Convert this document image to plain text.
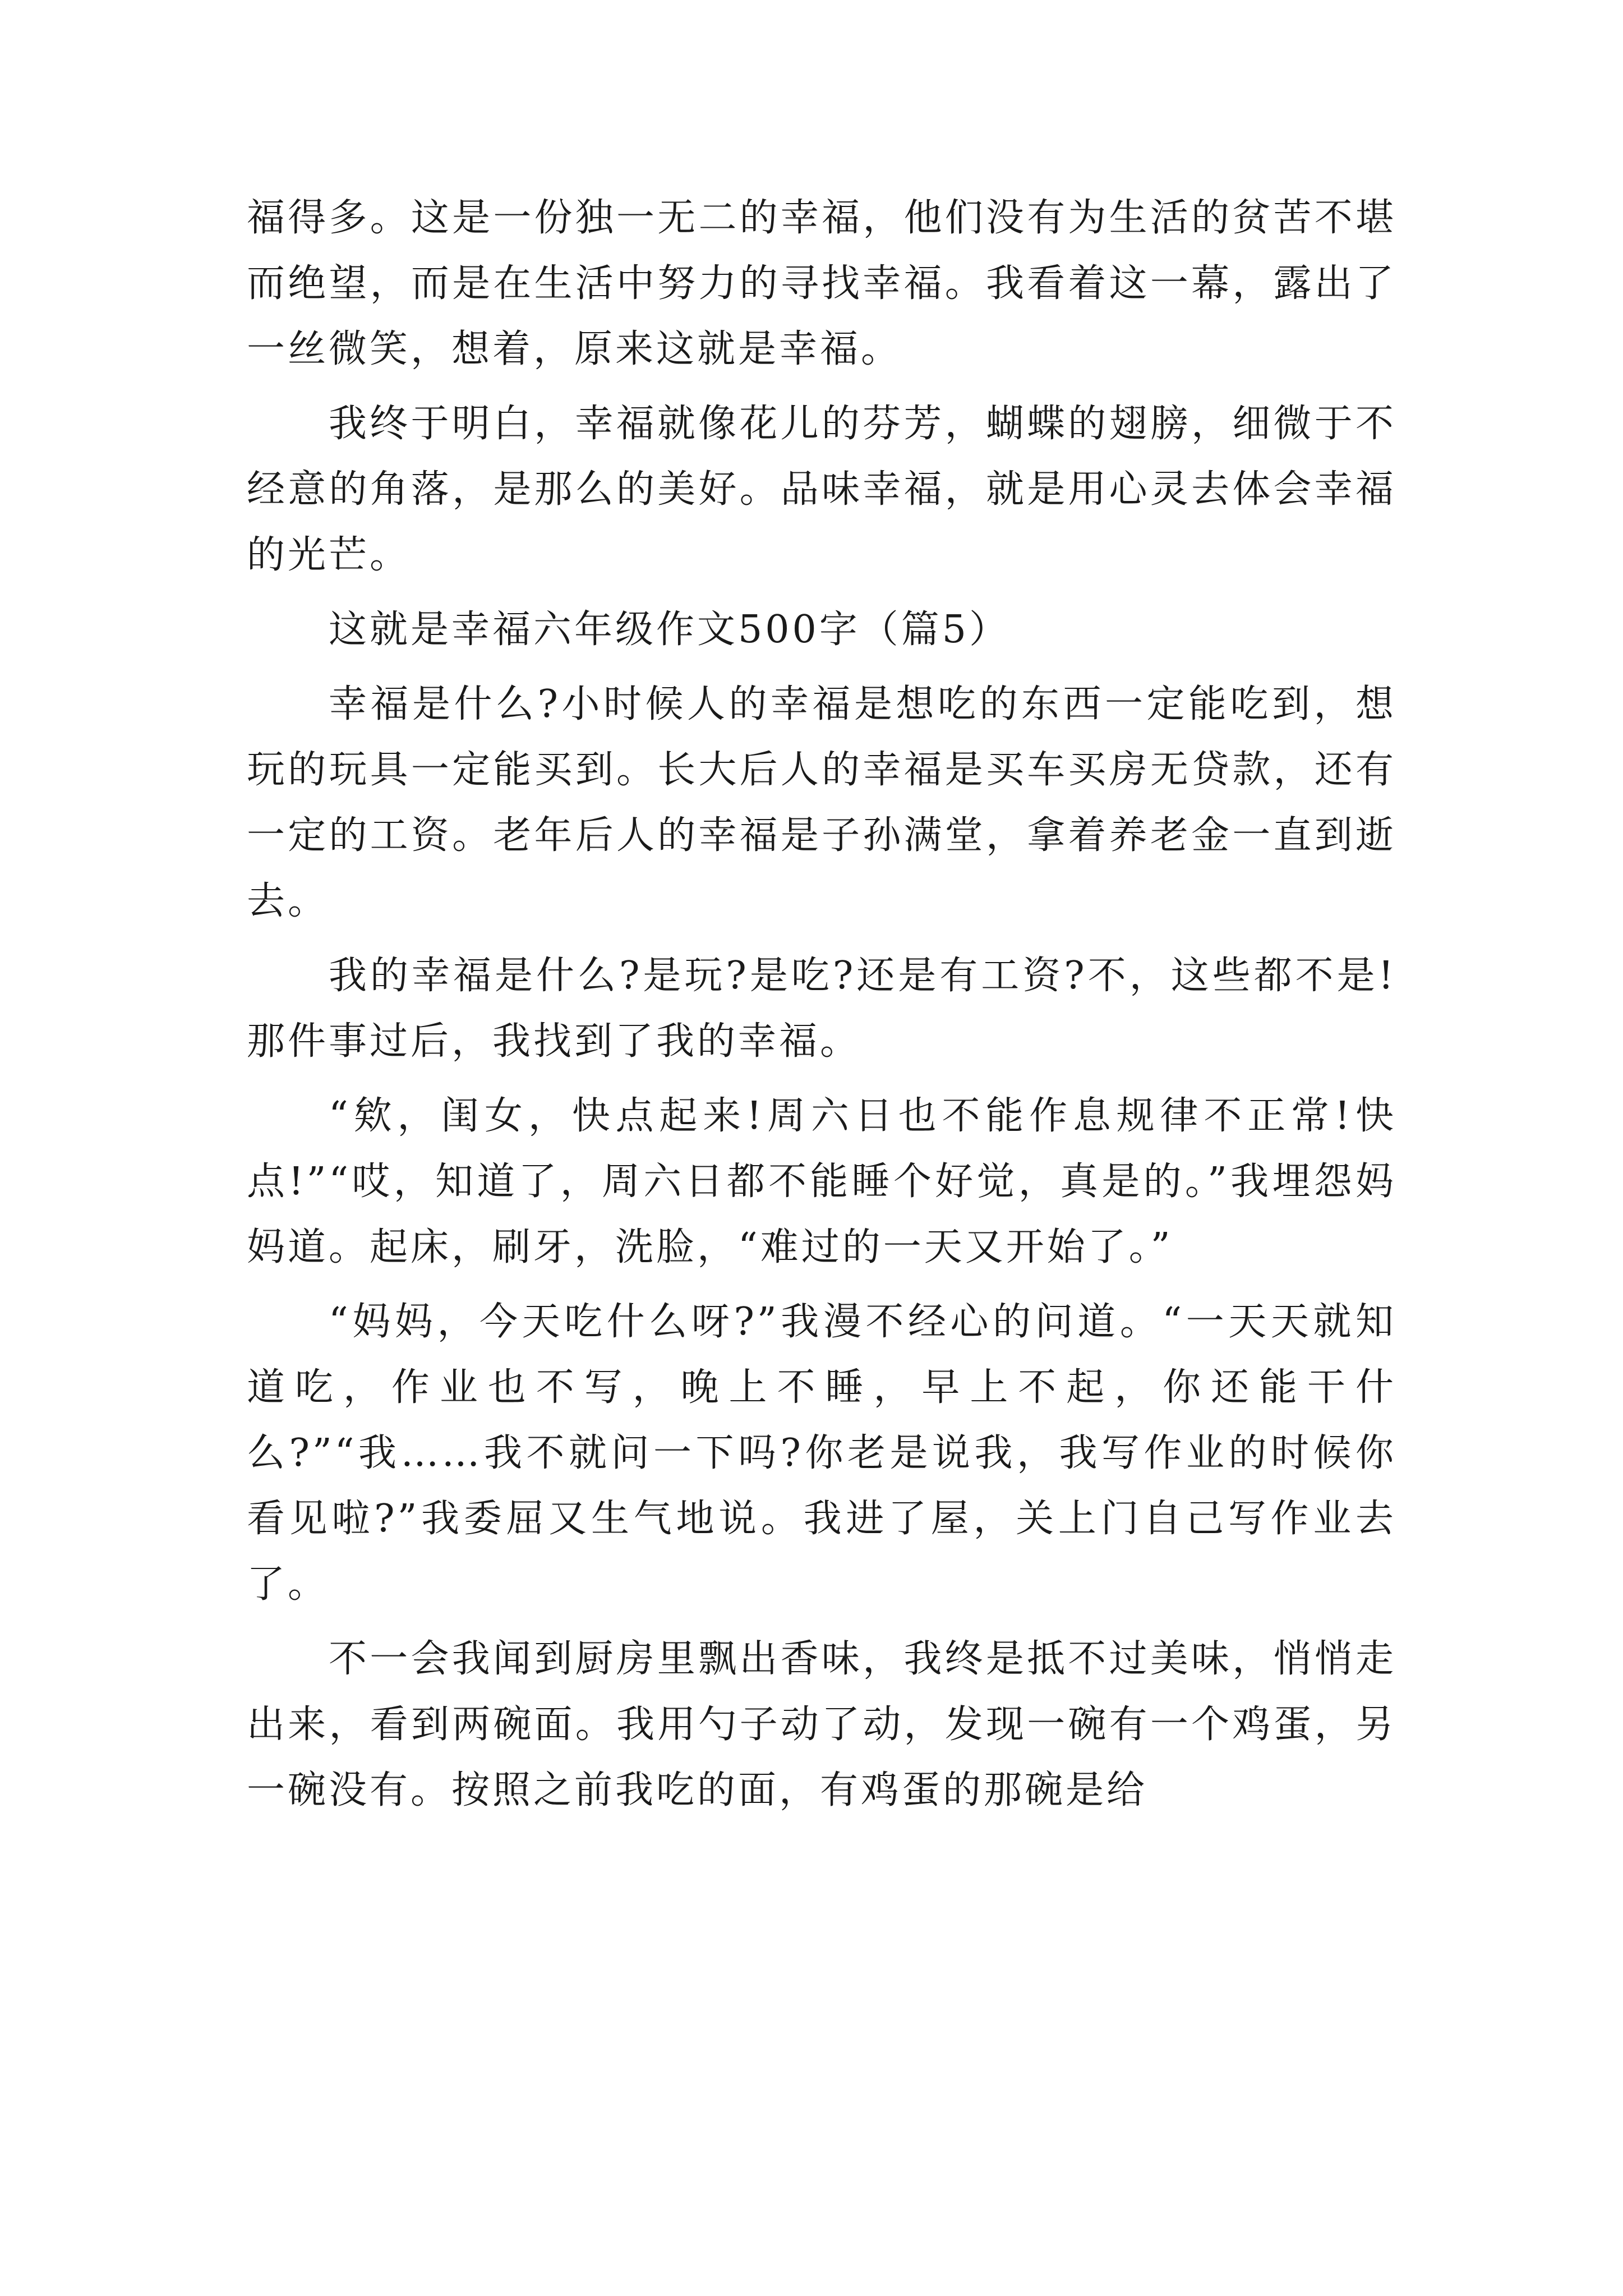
福得多。这是一份独一无二的幸福，他们没有为生活的贫苦不堪而绝望，而是在生活中努力的寻找幸福。我看着这一幕，露出了一丝微笑，想着，原来这就是幸福。

我终于明白，幸福就像花儿的芬芳，蝴蝶的翅膀，细微于不经意的角落，是那么的美好。品味幸福，就是用心灵去体会幸福的光芒。

这就是幸福六年级作文500字（篇5）

幸福是什么?小时候人的幸福是想吃的东西一定能吃到，想玩的玩具一定能买到。长大后人的幸福是买车买房无贷款，还有一定的工资。老年后人的幸福是子孙满堂，拿着养老金一直到逝去。

我的幸福是什么?是玩?是吃?还是有工资?不，这些都不是!那件事过后，我找到了我的幸福。

“欸，闺女，快点起来!周六日也不能作息规律不正常!快点!”“哎，知道了，周六日都不能睡个好觉，真是的。”我埋怨妈妈道。起床，刷牙，洗脸，“难过的一天又开始了。”

“妈妈，今天吃什么呀?”我漫不经心的问道。“一天天就知道吃，作业也不写，晚上不睡，早上不起，你还能干什么?”“我……我不就问一下吗?你老是说我，我写作业的时候你看见啦?”我委屈又生气地说。我进了屋，关上门自己写作业去了。

不一会我闻到厨房里飘出香味，我终是抵不过美味，悄悄走出来，看到两碗面。我用勺子动了动，发现一碗有一个鸡蛋，另一碗没有。按照之前我吃的面，有鸡蛋的那碗是给
